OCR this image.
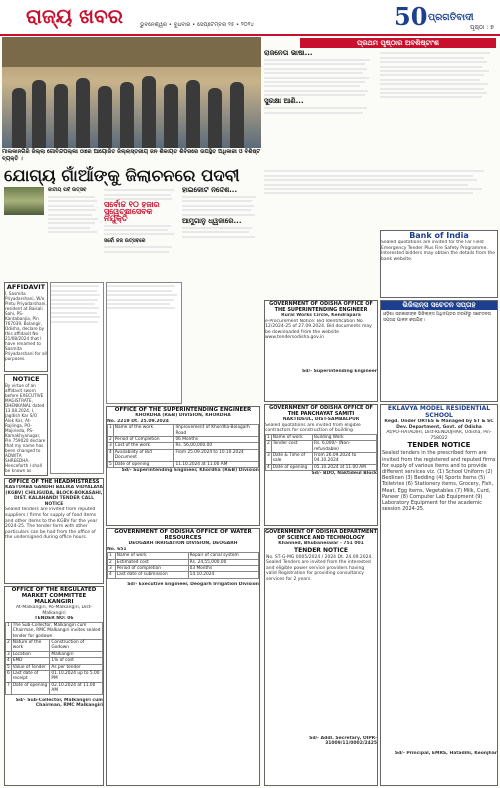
ରାଜ୍ୟ ଖବର	ଭୁବନେଶ୍ୱର • ବୁଧବାର • ସେପ୍ଟେମ୍ବର ୨୫ • ୨୦୨୪	50 ପ୍ରଗତିବାଦୀ
ପୃଷ୍ଠା : ୭
ମାଲକାନଗିରି ଜିଲ୍ଲା ଗୋବିନ୍ଦପଲ୍ଲୀ ଠାରେ ଆୟୋଜିତ ଜିଲ୍ଲାସ୍ତରୀୟ ଜନ ଶିକାୟତ ଶିବିରରେ ଉପସ୍ଥିତ ଅଧିକାରୀ ଓ ବିଶିଷ୍ଟ ବ୍ୟକ୍ତି ।
ଯୋଗ୍ୟ ଗାଁଆଁଙ୍କୁ ଜିଲାଚନରେ ପଦବୀ
ଜାତୀୟ ପର୍ବ ଉତ୍ସବ
ସର୍ବୋଚ୍ଚ ୧୦ ହଜାର ସ୍ୱେଚ୍ଛାସେବକ ନିଯୁକ୍ତି
ସର୍ବୋ ଜଜ ଉତ୍ସବରେ
ହାଇକୋର୍ଟ ନିର୍ଦ୍ଦେଶ...
ଆମୁଗାନୁ ଧ୍ୱଜାରେ...
AFFIDAVIT
I, Sasmita Priyadarshani, W/o Pintu Priyadarshani, resident at Baisali Sahi, PS-Kantabanjia, Pin 767039, Bolangir, Odisha, declare by this affidavit No 21/08/2024 that I have renamed to Sasmita Priyadarshani for all purposes.
NOTICE
By virtue of an affidavit sworn before EXECUTIVE MAGISTRATE, DHENKANAL dated 13.08.2024, I, Jagdish Kar S/O Alok Kar, At-Rajlinga, PO-Majirieda, PS-Kamakhyanagar, Pin 759020 declare that my name has been changed to ADWITA SHREEDHA. Henceforth I shall be known as
OFFICE OF THE SUPERINTENDING ENGINEER
KHORDHA (R&B) DIVISION, KHORDHA
No. 2219 Dt. 25.09.2024
1	Name of the work	Improvement of Khordha-Bolagarh Road
2	Period of Completion	06 Months
3	Cost of the work	Rs. 56,00,000.00
4	Availability of Bid Document	From 25.09.2024 to 10.10.2024
5	Date of opening	11.10.2024 at 11.00 AM
Sd/- Superintending Engineer, Khordha (R&B) Division
OFFICE OF THE HEADMISTRESS
KASTURBA GANDHI BALIKA VIDYALAYA (KGBV) CHILIGUDA, BLOCK-BOKASAHI, DIST. KALAHANDI TENDER CALL NOTICE
Sealed tenders are invited from reputed suppliers / firms for supply of food items and other items to the KGBV for the year 2024-25. The tender form with other particulars can be had from the office of the undersigned during office hours.
OFFICE OF THE REGULATED MARKET COMMITTEE MALKANGIRI
At-Malkangiri, Po-Malkangiri, Dist-Malkangiri
TENDER NO: 06
1	The Sub-Collector, Malkangiri cum Chairman, RMC Malkangiri invites sealed tender for godown	
2	Nature of the work	Construction of Godown
3	Location	Malkangiri
4	EMD	1% of cost
5	Value of Tender	As per tender
6	Last date of receipt	01.10.2024 up to 5.00 PM
7	Date of opening	02.10.2024 at 11.00 AM
Sd/- Sub-Collector, Malkangiri cum Chairman, RMC Malkangiri
GOVERNMENT OF ODISHA OFFICE OF WATER RESOURCES
DEOGARH IRRIGATION DIVISION, DEOGARH
No. 651
1	Name of work	Repair of canal system
2	Estimated cost	Rs. 24,55,000.00
3	Period of completion	03 Months
4	Last date of submission	14.10.2024
Sd/- Executive Engineer, Deogarh Irrigation Division
ପ୍ରଥମ ପୃଷ୍ଠାର ଅବଶିଷ୍ଟାଂଶ
ରାଜନେତା ଭାଷା...
ସୁରକ୍ଷା ଆଣି...
Bank of India
Sealed quotations are invited for the Far Field Emergency Tender Plus Fire Safety Programme. Interested bidders may obtain the details from the bank website.
GOVERNMENT OF ODISHA OFFICE OF THE SUPERINTENDING ENGINEER
Rural Works Circle, Kendrapara
e-Procurement Notice: Bid Identification No. 12/2024-25 of 27.09.2024. Bid documents may be downloaded from the website www.tendersodisha.gov.in
Sd/- Superintending Engineer
ଭିଜିଲାନ୍ସ ସଚେତନ ସପ୍ତାହ
ଓଡ଼ିଶା ସରକାରଙ୍କ ଭିଜିଲାନ୍ସ ଅଧିଦପ୍ତର ତରଫରୁ ସଚେତନତା ସପ୍ତାହ ପାଳନ କରାଯିବ।
GOVERNMENT OF ODISHA OFFICE OF THE PANCHAYAT SAMITI
NAKTIDEUL, DIST-SAMBALPUR
Sealed quotations are invited from eligible contractors for construction of building.
1	Name of work	Building Work
2	Tender cost	Rs. 6,000/- (Non-refundable)
3	Date & Time of sale	From 26.09.2024 to 04.10.2024
4	Date of opening	05.10.2024 at 11.00 AM
Sd/- BDO, Naktideul Block
EKLAVYA MODEL RESIDENTIAL SCHOOL
Regd. Under ORTES & Managed by ST & SC Dev. Department, Govt. of Odisha
At/PO-HATADIHI, Dist-KENDUJHAR, Odisha, Pin-758022
TENDER NOTICE
Sealed tenders in the prescribed form are invited from the registered and reputed firms for supply of various items and to provide different services viz. (1) School Uniform (2) Bedlinen (3) Bedding (4) Sports Items (5) Toiletries (6) Stationery items, Grocery, Fish, Meat, Egg items, Vegetables (7) Milk, Curd, Paneer (8) Computer Lab Equipment (9) Laboratory Equipment for the academic session 2024-25.
Sd/- Principal, EMRS, Hatadihi, Keonjhar
GOVERNMENT OF ODISHA DEPARTMENT OF SCIENCE AND TECHNOLOGY
Khanned, Bhubaneswar - 751 001
TENDER NOTICE
No. ST-G-MG 0005/2024 / 2024 Dt. 24.09.2024. Sealed Tenders are invited from the interested and eligible power service providers having valid Registration for providing consultancy services for 2 years.
Sd/- Addl. Secretary, OIPR-31009/11/0002/2425
